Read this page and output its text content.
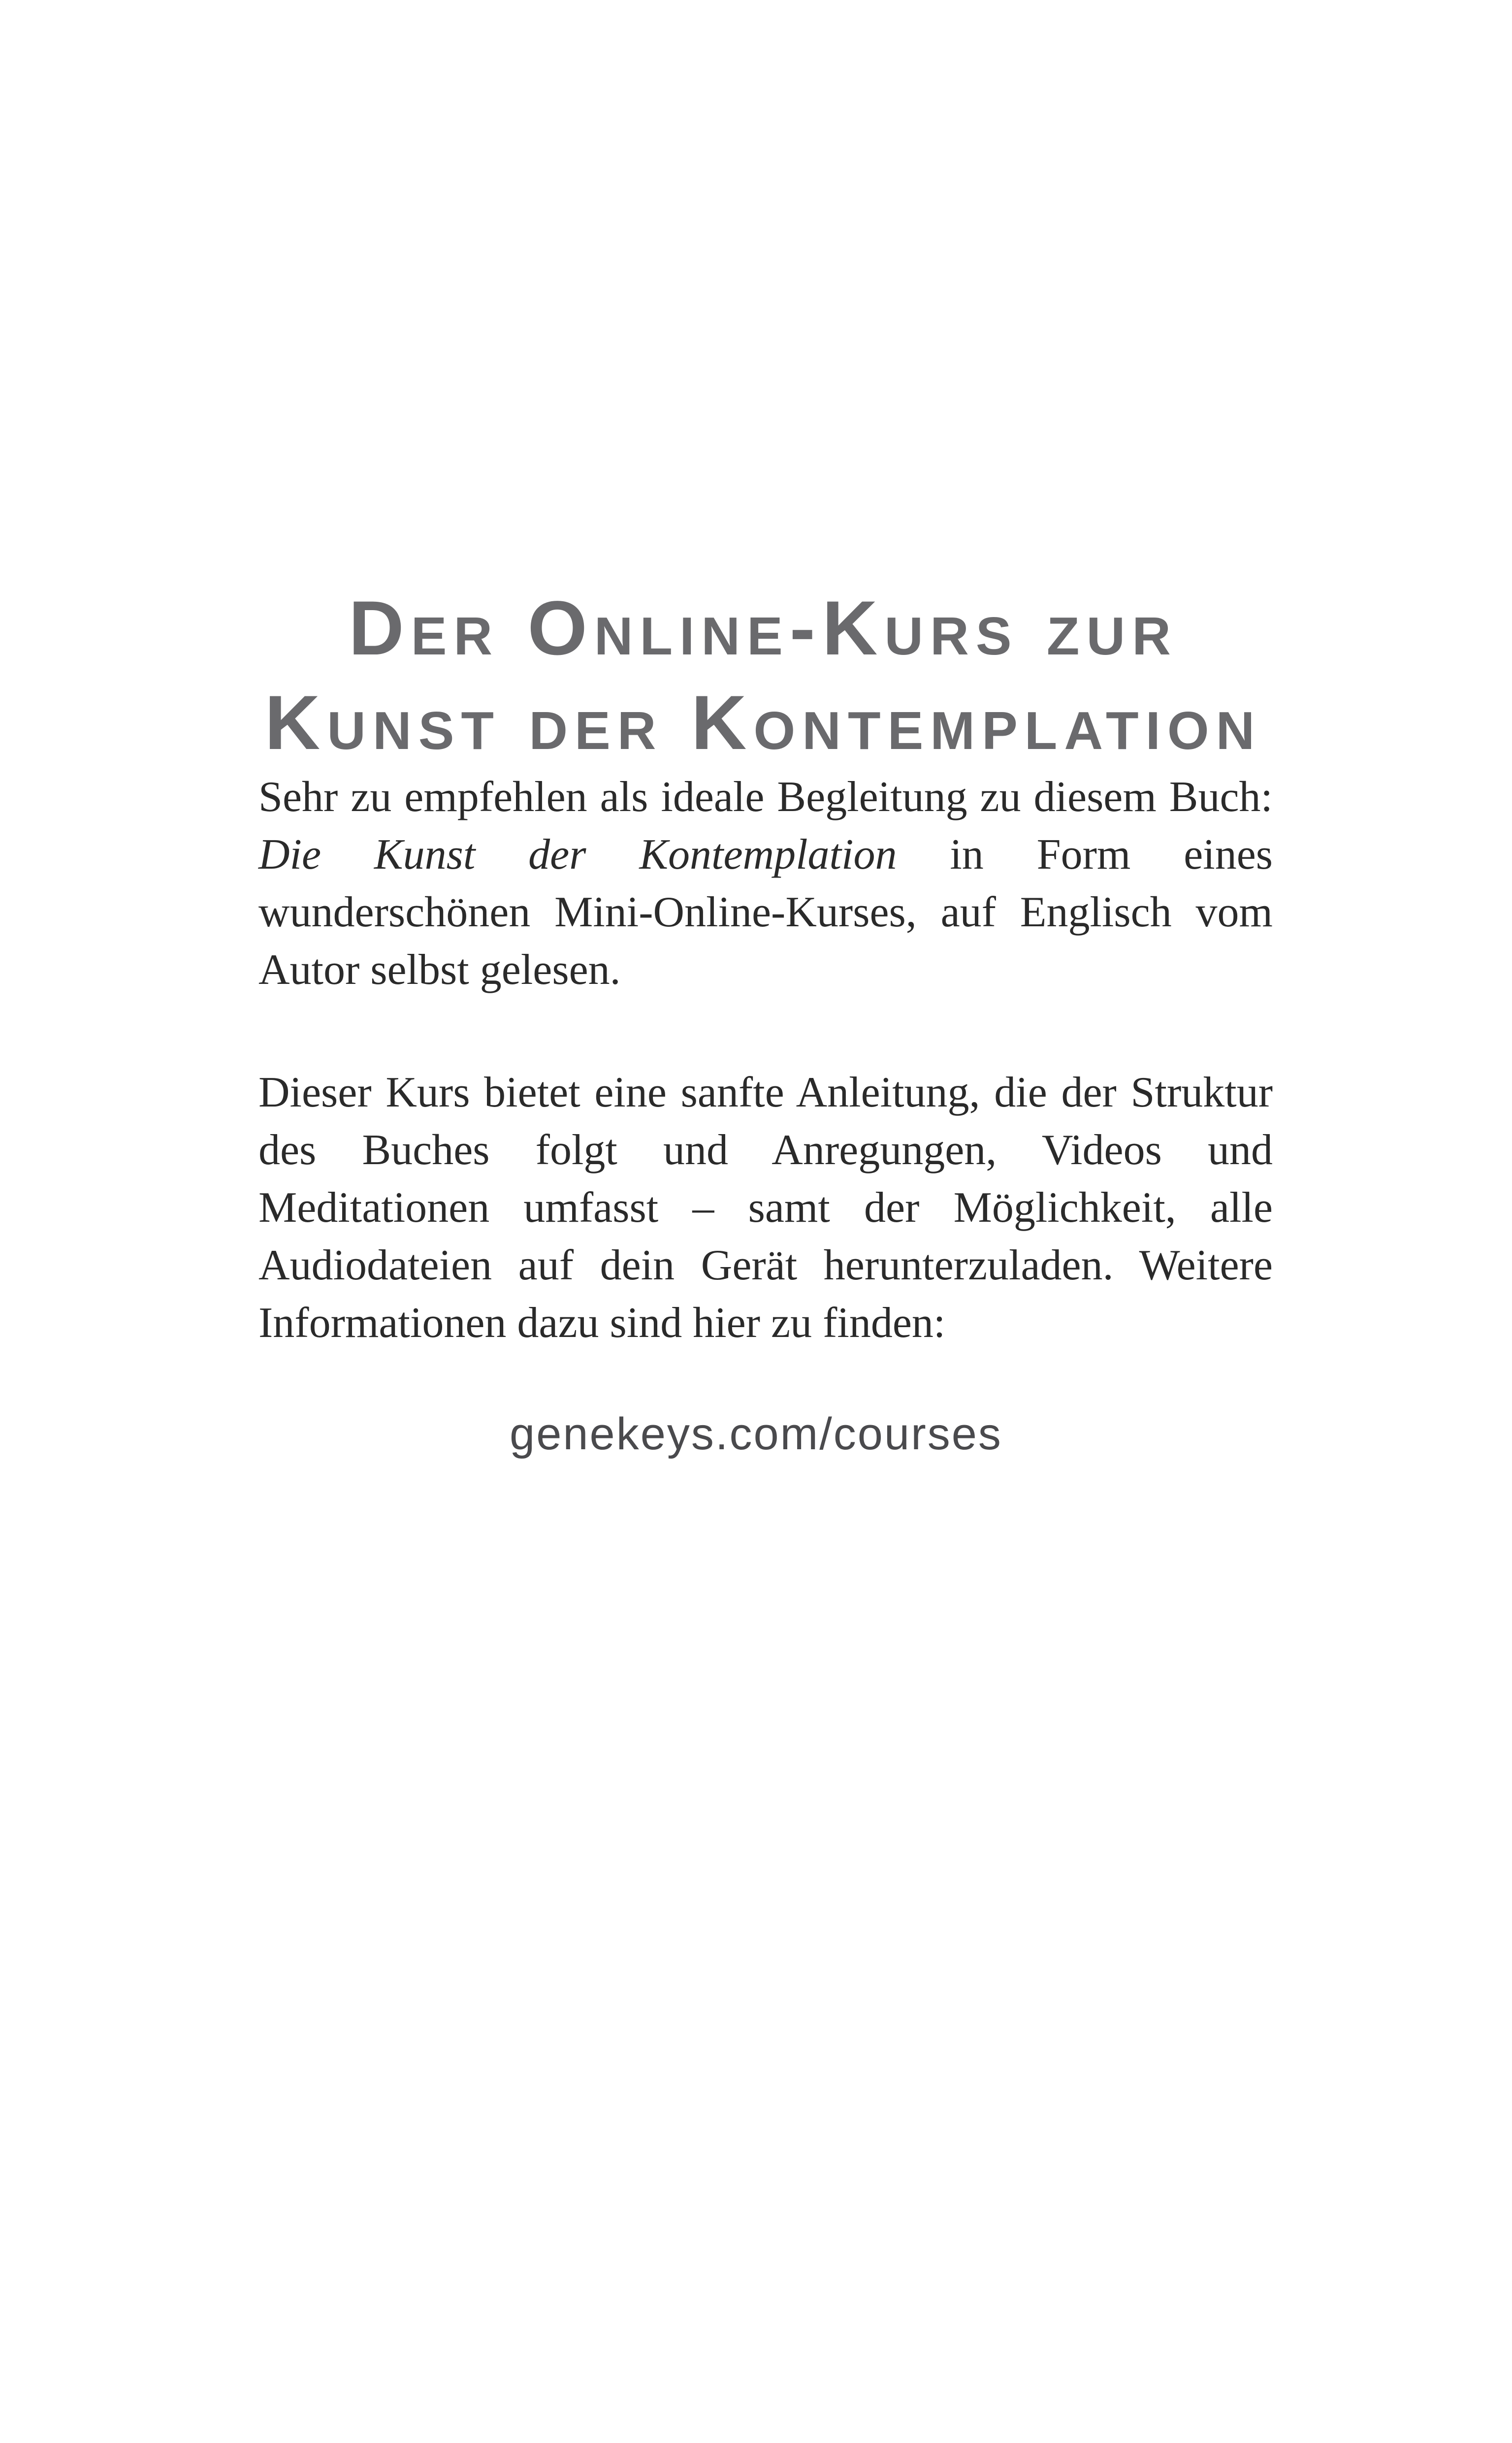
Der Online-Kurs zur
Kunst der Kontemplation

Sehr zu empfehlen als ideale Begleitung zu diesem Buch: Die Kunst der Kontemplation in Form eines wunderschönen Mini-Online-Kurses, auf Englisch vom Autor selbst gelesen.

Dieser Kurs bietet eine sanfte Anleitung, die der Struktur des Buches folgt und Anregungen, Videos und Meditationen umfasst – samt der Möglichkeit, alle Audiodateien auf dein Gerät herunterzuladen. Weitere Informationen dazu sind hier zu finden:

genekeys.com/courses
